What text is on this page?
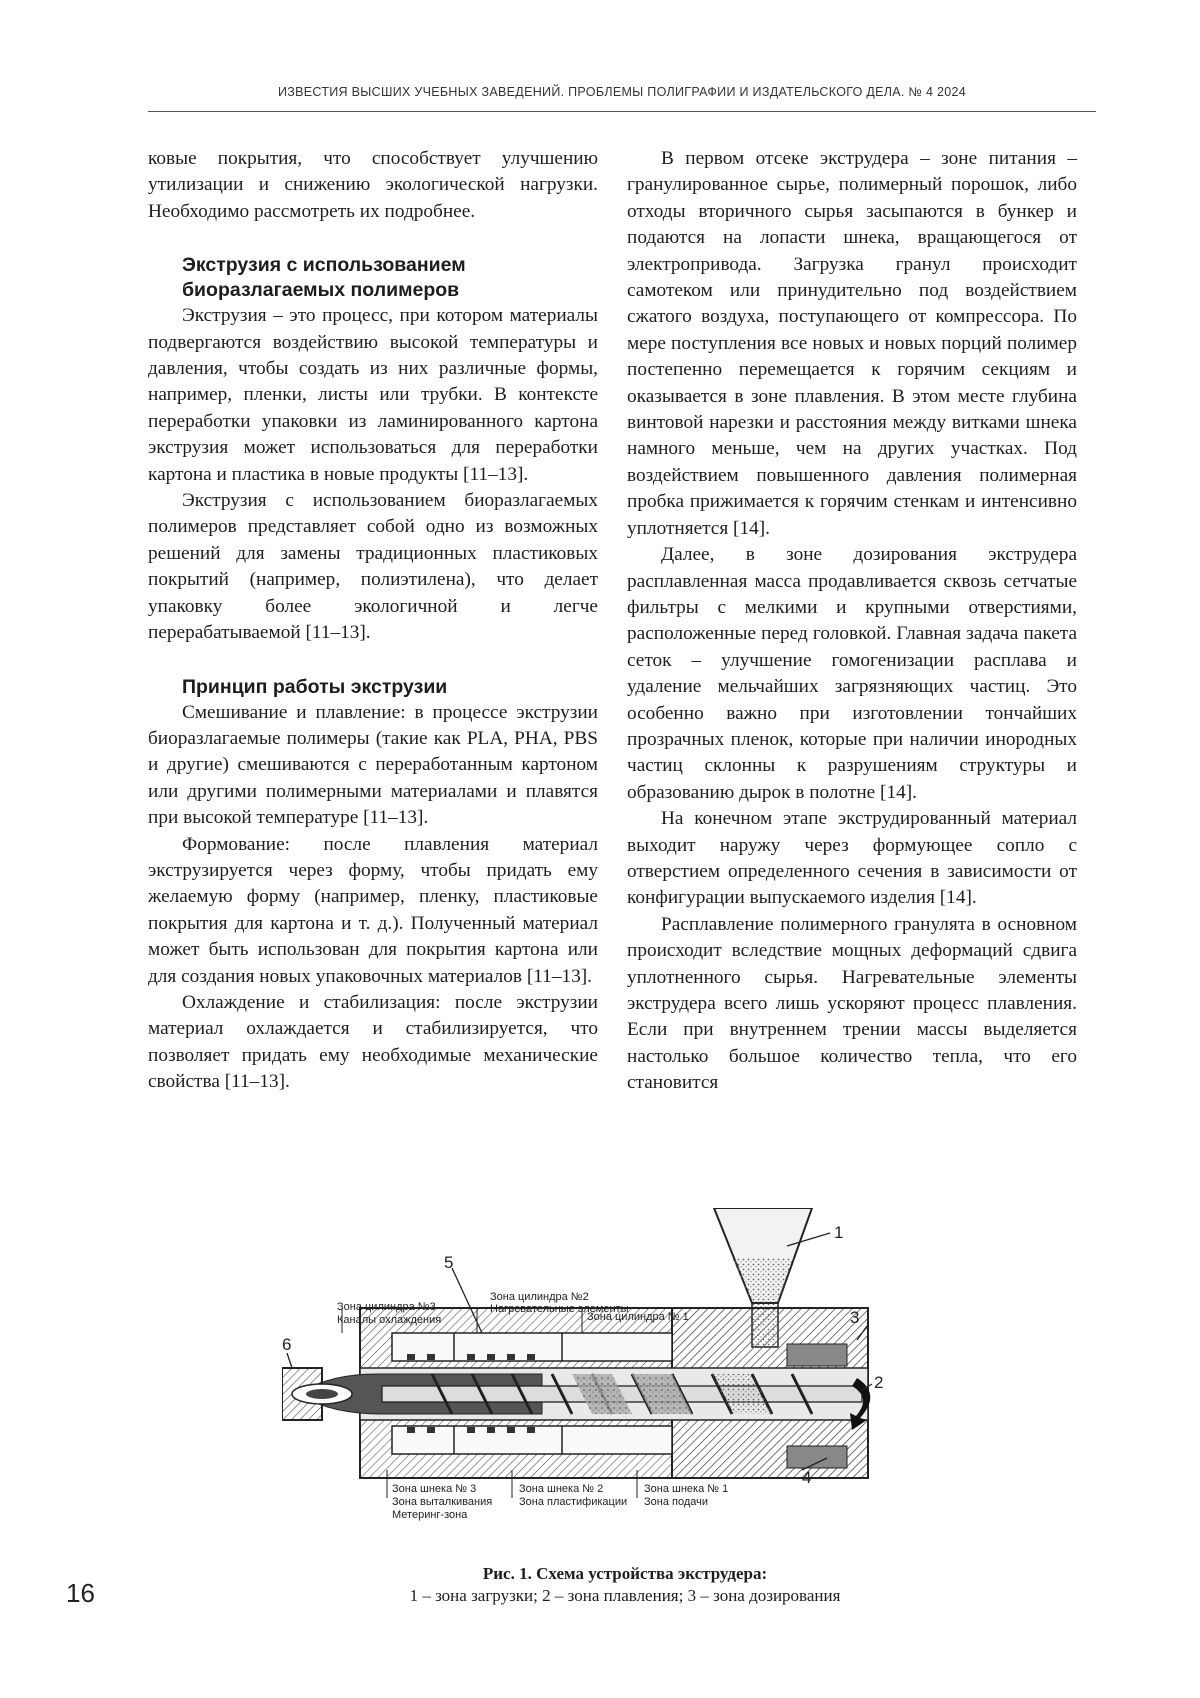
ИЗВЕСТИЯ ВЫСШИХ УЧЕБНЫХ ЗАВЕДЕНИЙ. ПРОБЛЕМЫ ПОЛИГРАФИИ И ИЗДАТЕЛЬСКОГО ДЕЛА. № 4 2024

ковые покрытия, что способствует улучшению утилизации и снижению экологической нагрузки. Необходимо рассмотреть их подробнее.

Экструзия с использованием биоразлагаемых полимеров

Экструзия – это процесс, при котором материалы подвергаются воздействию высокой температуры и давления, чтобы создать из них различные формы, например, пленки, листы или трубки. В контексте переработки упаковки из ламинированного картона экструзия может использоваться для переработки картона и пластика в новые продукты [11–13].

Экструзия с использованием биоразлагаемых полимеров представляет собой одно из возможных решений для замены традиционных пластиковых покрытий (например, полиэтилена), что делает упаковку более экологичной и легче перерабатываемой [11–13].

Принцип работы экструзии

Смешивание и плавление: в процессе экструзии биоразлагаемые полимеры (такие как PLA, PHA, PBS и другие) смешиваются с переработанным картоном или другими полимерными материалами и плавятся при высокой температуре [11–13].

Формование: после плавления материал экструзируется через форму, чтобы придать ему желаемую форму (например, пленку, пластиковые покрытия для картона и т. д.). Полученный материал может быть использован для покрытия картона или для создания новых упаковочных материалов [11–13].

Охлаждение и стабилизация: после экструзии материал охлаждается и стабилизируется, что позволяет придать ему необходимые механические свойства [11–13].

В первом отсеке экструдера – зоне питания – гранулированное сырье, полимерный порошок, либо отходы вторичного сырья засыпаются в бункер и подаются на лопасти шнека, вращающегося от электропривода. Загрузка гранул происходит самотеком или принудительно под воздействием сжатого воздуха, поступающего от компрессора. По мере поступления все новых и новых порций полимер постепенно перемещается к горячим секциям и оказывается в зоне плавления. В этом месте глубина винтовой нарезки и расстояния между витками шнека намного меньше, чем на других участках. Под воздействием повышенного давления полимерная пробка прижимается к горячим стенкам и интенсивно уплотняется [14].

Далее, в зоне дозирования экструдера расплавленная масса продавливается сквозь сетчатые фильтры с мелкими и крупными отверстиями, расположенные перед головкой. Главная задача пакета сеток – улучшение гомогенизации расплава и удаление мельчайших загрязняющих частиц. Это особенно важно при изготовлении тончайших прозрачных пленок, которые при наличии инородных частиц склонны к разрушениям структуры и образованию дырок в полотне [14].

На конечном этапе экструдированный материал выходит наружу через формующее сопло с отверстием определенного сечения в зависимости от конфигурации выпускаемого изделия [14].

Расплавление полимерного гранулята в основном происходит вследствие мощных деформаций сдвига уплотненного сырья. Нагревательные элементы экструдера всего лишь ускоряют процесс плавления. Если при внутреннем трении массы выделяется настолько большое количество тепла, что его становится

Зона цилиндра №3
Каналы охлаждения
Зона цилиндра №2
Нагревательные элементы
Зона цилиндра № 1
Зона шнека № 3
Зона выталкивания
Метеринг-зона
Зона шнека № 2
Зона пластификации
Зона шнека № 1
Зона подачи
1
2
3
4
5
6
Рис. 1. Схема устройства экструдера:
1 – зона загрузки; 2 – зона плавления; 3 – зона дозирования
16
